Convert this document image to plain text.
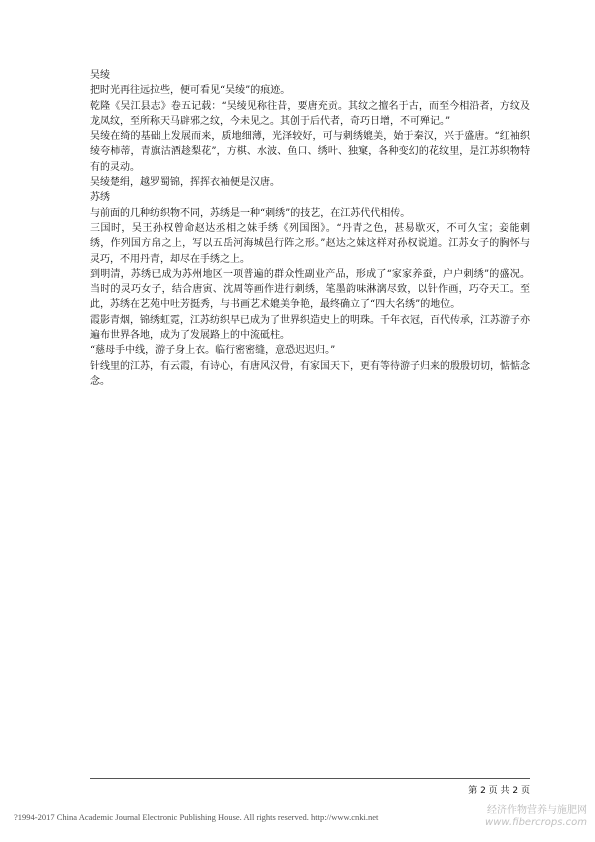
吴绫

把时光再往远拉些，便可看见“吴绫”的痕迹。

乾隆《吴江县志》卷五记载：“吴绫见称往昔，要唐充贡。其纹之擅名于古，而至今相沿者，方纹及龙凤纹，至所称天马辟邪之纹，今未见之。其创于后代者，奇巧日增，不可殚记。”

吴绫在绮的基础上发展而来，质地细薄，光泽较好，可与刺绣媲美，始于秦汉，兴于盛唐。“红袖织绫夸柿蒂，青旗沽酒趁梨花”，方棋、水波、鱼口、绣叶、独窠，各种变幻的花纹里，是江苏织物特有的灵动。

吴绫楚绢，越罗蜀锦，挥挥衣袖便是汉唐。

苏绣

与前面的几种纺织物不同，苏绣是一种“刺绣”的技艺，在江苏代代相传。

三国时，吴王孙权曾命赵达丞相之妹手绣《列国图》。“丹青之色，甚易歇灭，不可久宝；妾能刺绣，作列国方帛之上，写以五岳河海城邑行阵之形。”赵达之妹这样对孙权说道。江苏女子的胸怀与灵巧，不用丹青，却尽在手绣之上。

到明清，苏绣已成为苏州地区一项普遍的群众性副业产品，形成了“家家养蚕，户户刺绣”的盛况。当时的灵巧女子，结合唐寅、沈周等画作进行刺绣，笔墨韵味淋漓尽致，以针作画，巧夺天工。至此，苏绣在艺苑中吐芳挺秀，与书画艺术媲美争艳，最终确立了“四大名绣”的地位。

霞影青烟，锦绣虹霓，江苏纺织早已成为了世界织造史上的明珠。千年衣冠，百代传承，江苏游子亦遍布世界各地，成为了发展路上的中流砥柱。

“慈母手中线，游子身上衣。临行密密缝，意恐迟迟归。”

针线里的江苏，有云霞，有诗心，有唐风汉骨，有家国天下，更有等待游子归来的殷殷切切，惦惦念念。

第 2 页 共 2 页
?1994-2017 China Academic Journal Electronic Publishing House. All rights reserved. http://www.cnki.net
经济作物营养与施肥网
www.fibercrops.com
